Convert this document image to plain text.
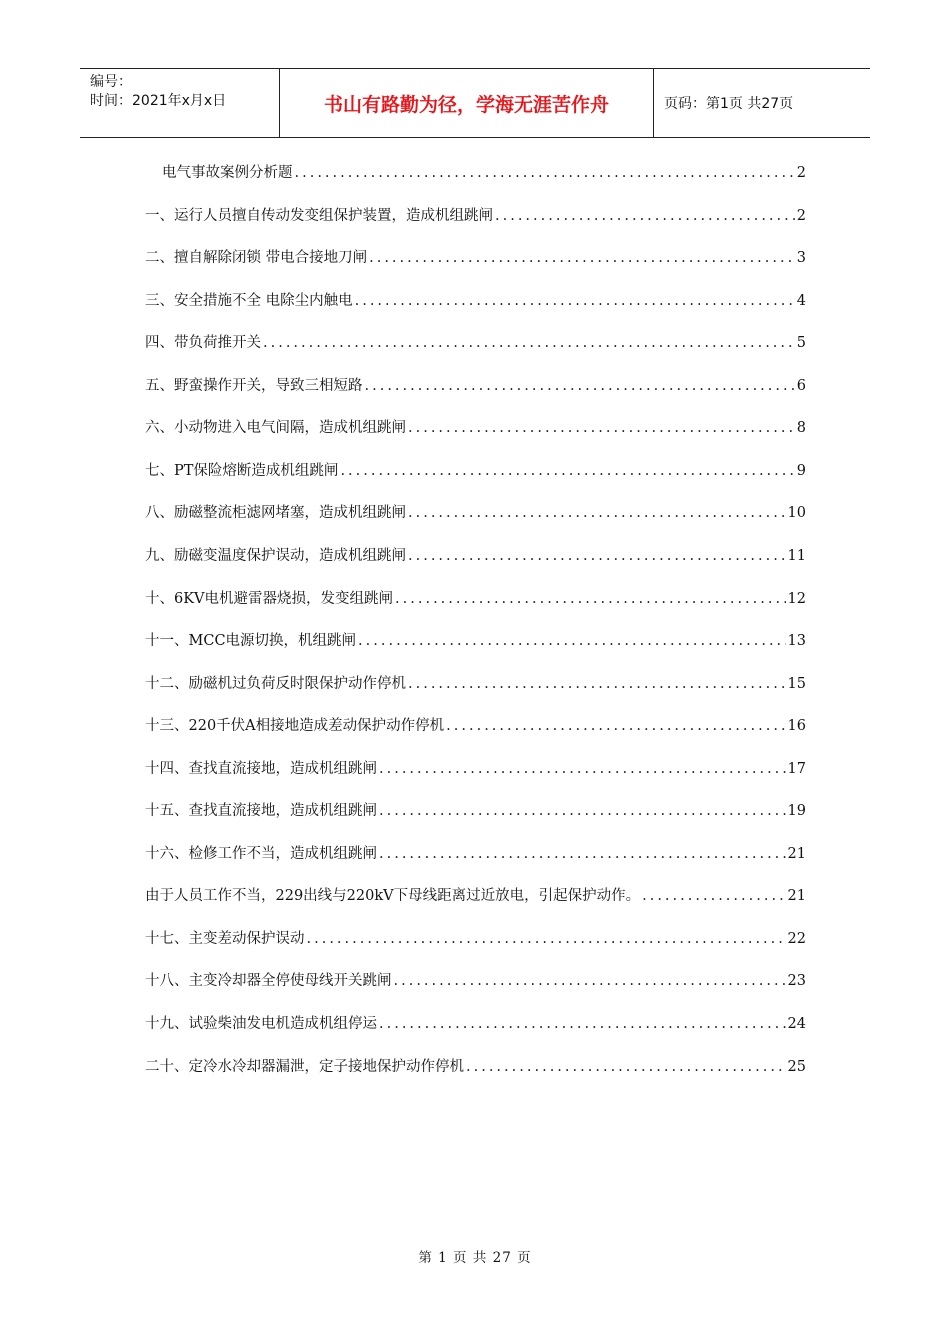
编号：
时间：2021年x月x日	书山有路勤为径，学海无涯苦作舟	页码：第1页 共27页
电气事故案例分析题 .....	2
一、 运行人员擅自传动发变组保护装置，造成机组跳闸 .....	2
二、 擅自解除闭锁 带电合接地刀闸 .....	3
三、 安全措施不全 电除尘内触电 .....	4
四、 带负荷推开关 .....	5
五、 野蛮操作开关，导致三相短路 .....	6
六、 小动物进入电气间隔，造成机组跳闸 .....	8
七、 PT保险熔断造成机组跳闸 .....	9
八、 励磁整流柜滤网堵塞，造成机组跳闸 .....	10
九、 励磁变温度保护误动，造成机组跳闸 .....	11
十、 6KV电机避雷器烧损，发变组跳闸 .....	12
十一、 MCC电源切换，机组跳闸 .....	13
十二、 励磁机过负荷反时限保护动作停机 .....	15
十三、 220千伏A相接地造成差动保护动作停机 .....	16
十四、 查找直流接地，造成机组跳闸 .....	17
十五、 查找直流接地，造成机组跳闸 .....	19
十六、 检修工作不当，造成机组跳闸 .....	21
由于人员工作不当，229出线与220kV下母线距离过近放电，引起保护动作。 .....	21
十七、 主变差动保护误动 .....	22
十八、 主变冷却器全停使母线开关跳闸 .....	23
十九、 试验柴油发电机造成机组停运 .....	24
二十、 定冷水冷却器漏泄，定子接地保护动作停机 .....	25
第 1 页 共 27 页
